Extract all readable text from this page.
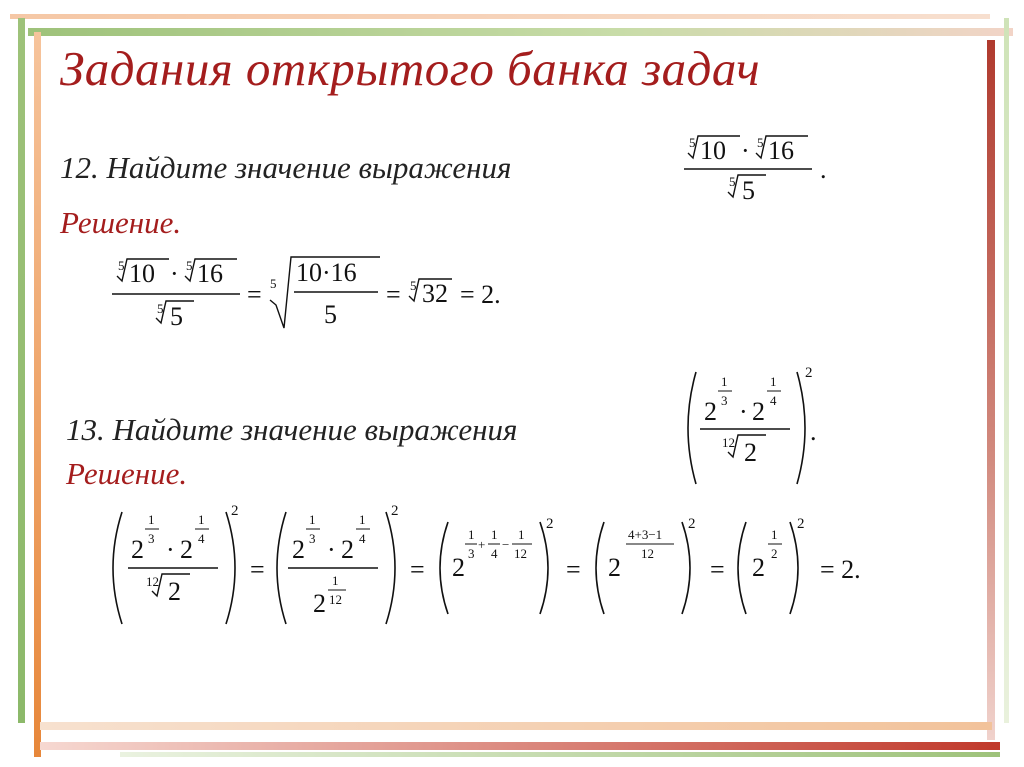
Задания открытого банка задач
12. Найдите значение выражения
Решение.
13. Найдите значение выражения
Решение.
5 10 · 5 16
5 5
.
5 10 · 5 16
5 5
= 5 10·16
5
= 5 32 = 2.
2
1
3 · 2
1
4
12 2
2
.
2
1
3 · 2
1
4
12 2
2
=
2
1
3 · 2
1
4
2
1
12
2
= 2
1
3
+
1
4
−
1
12
2
= 2
4+3−1
12
2
= 2
1
2
2
= 2.
